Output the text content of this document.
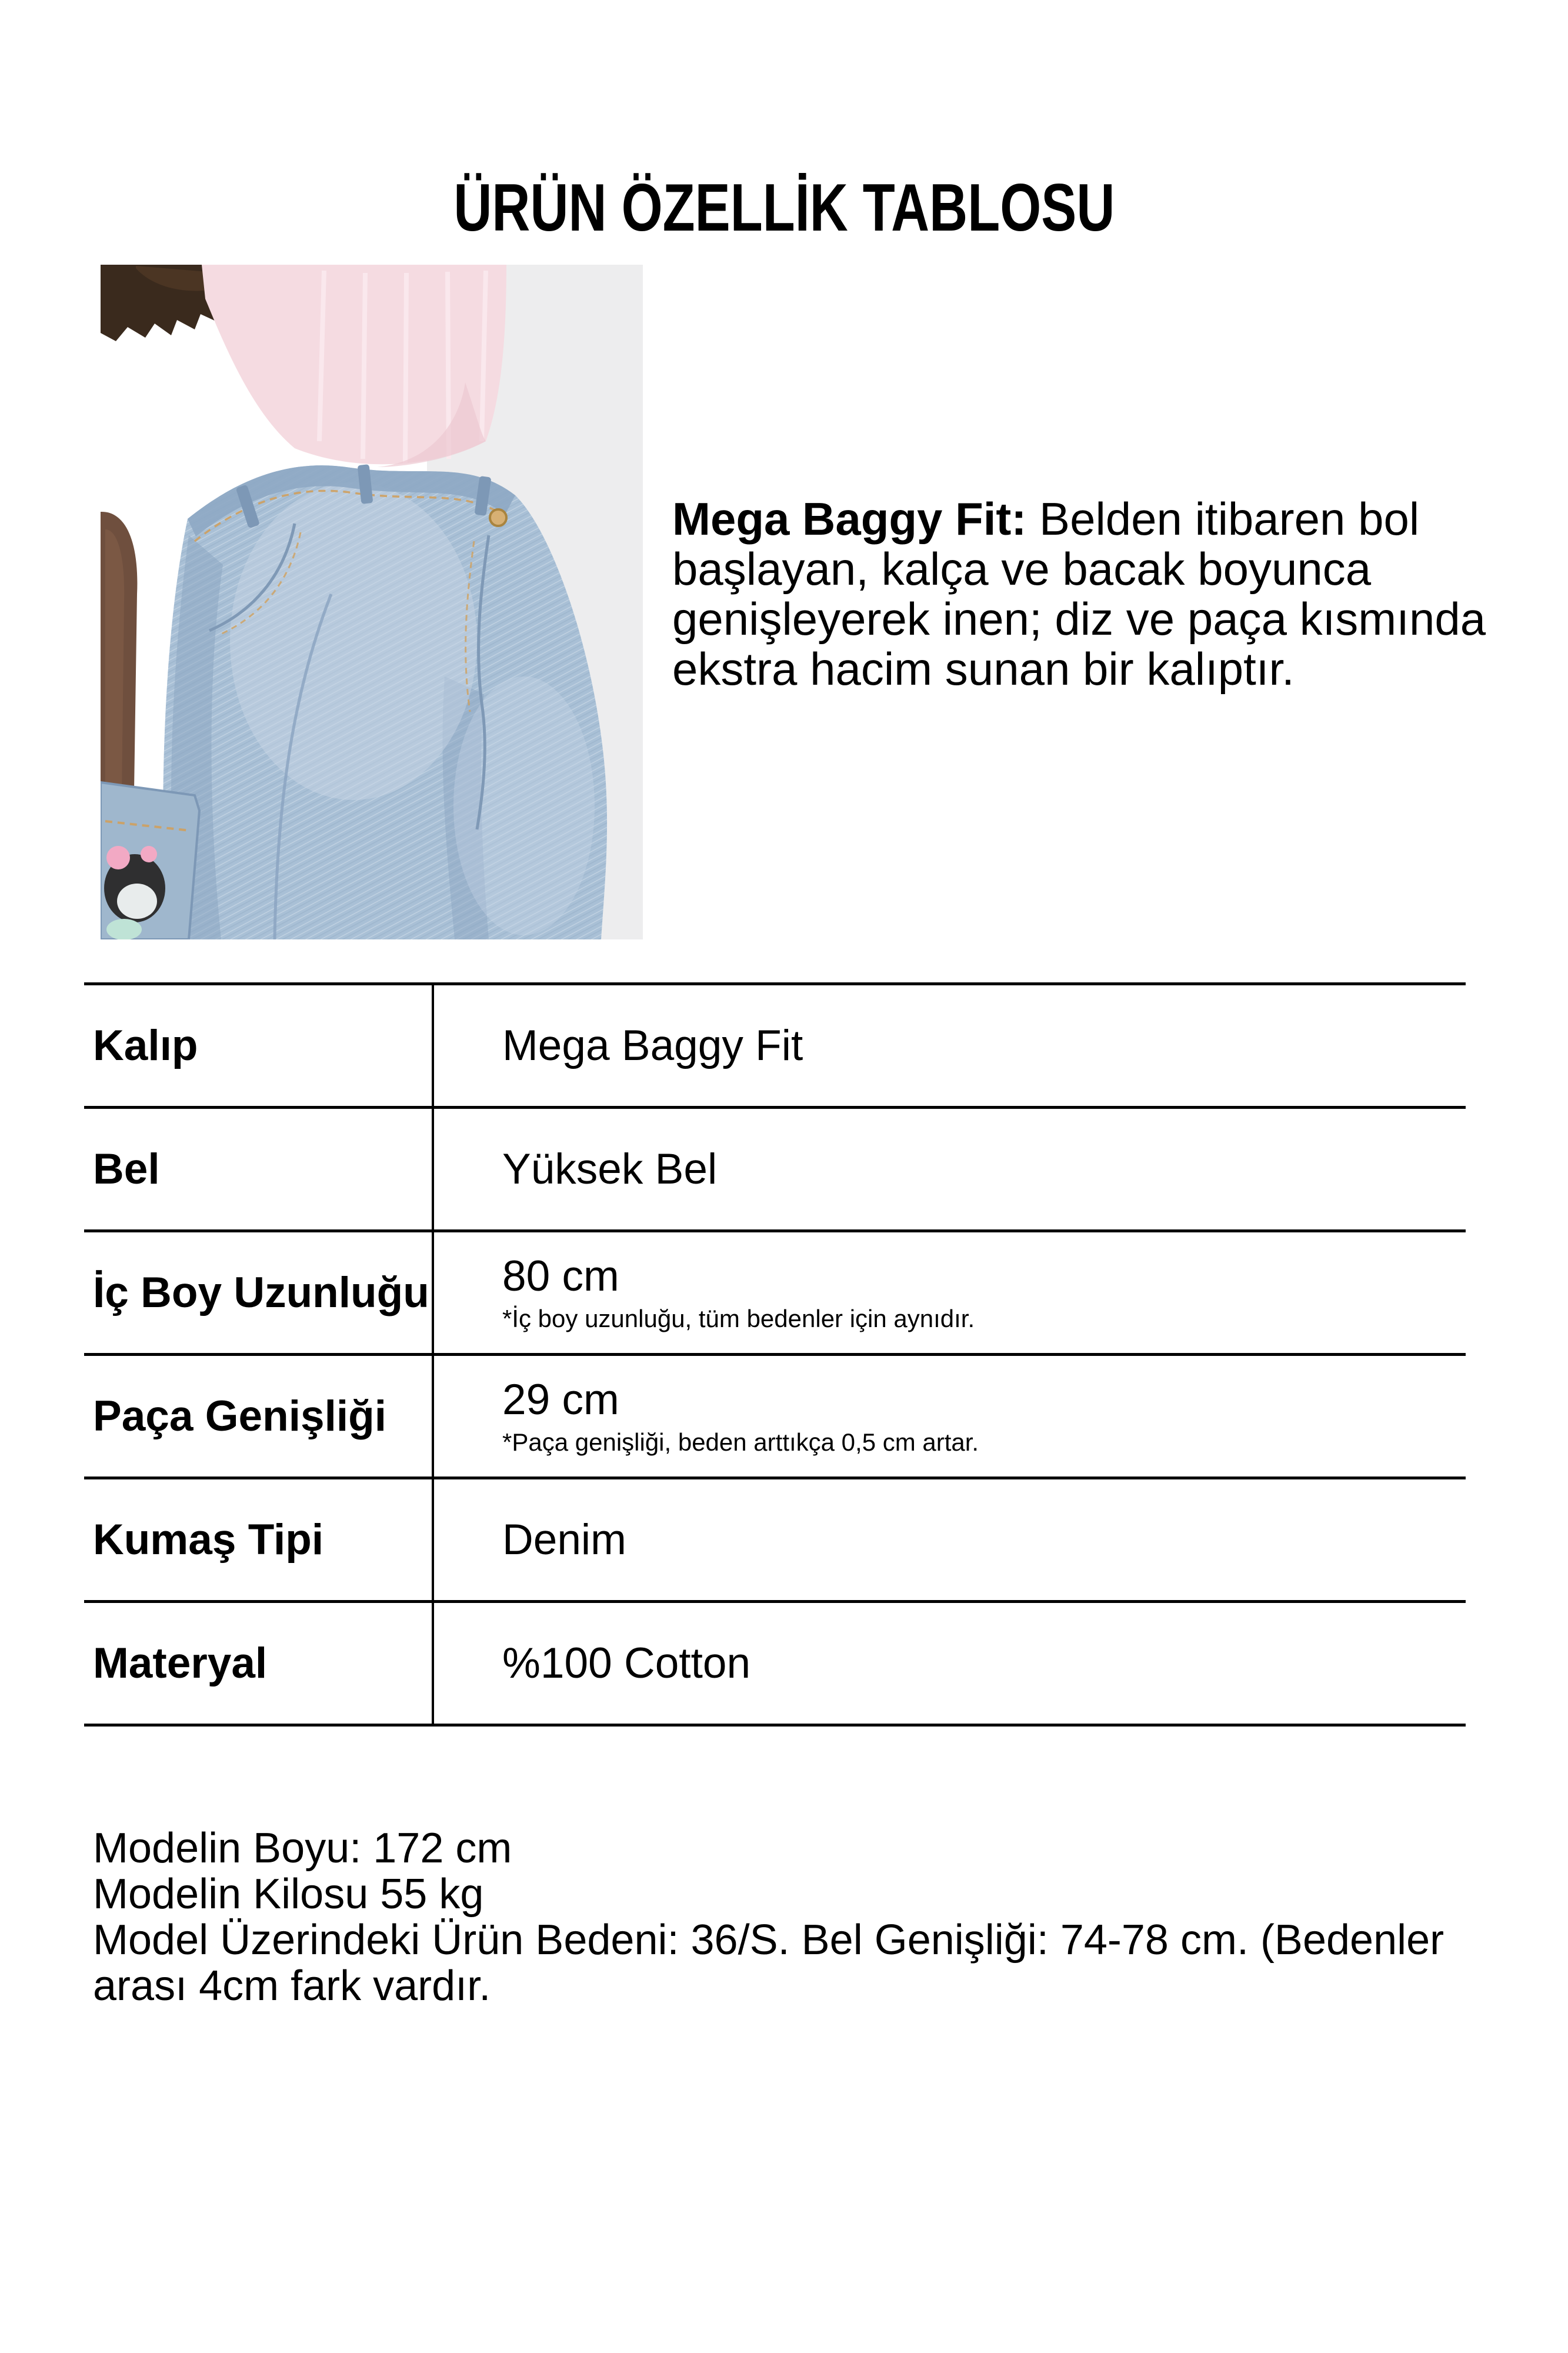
ÜRÜN ÖZELLİK TABLOSU
Mega Baggy Fit: Belden itibaren bol
başlayan, kalça ve bacak boyunca
genişleyerek inen; diz ve paça kısmında
ekstra hacim sunan bir kalıptır.
Kalıp	Mega Baggy Fit
Bel	Yüksek Bel
İç Boy Uzunluğu 80 cm
*İç boy uzunluğu, tüm bedenler için aynıdır.
Paça Genişliği	29 cm
*Paça genişliği, beden arttıkça 0,5 cm artar.
Kumaş Tipi	Denim
Materyal	%100 Cotton
Modelin Boyu: 172 cm
Modelin Kilosu 55 kg
Model Üzerindeki Ürün Bedeni: 36/S. Bel Genişliği: 74-78 cm. (Bedenler
arası 4cm fark vardır.
